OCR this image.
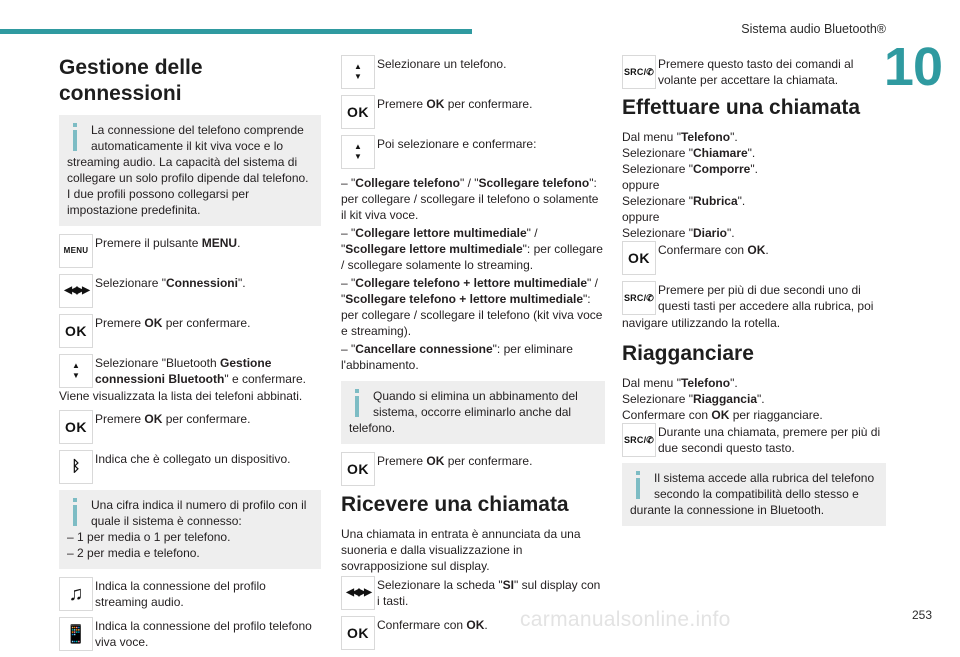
Sistema audio Bluetooth®
10
carmanualsonline.info	253
Gestione delle connessioni

La connessione del telefono comprende automaticamente il kit viva voce e lo streaming audio. La capacità del sistema di collegare un solo profilo dipende dal telefono. I due profili possono collegarsi per impostazione predefinita.

MENU
Premere il pulsante MENU.
◀◀ ▶▶
Selezionare "Connessioni".
OK Premere OK per confermare.
▲
▼
Selezionare "Bluetooth Gestione connessioni Bluetooth" e confermare.
Viene visualizzata la lista dei telefoni abbinati.
OK Premere OK per confermare.
ᛒ	Indica che è collegato un dispositivo.

Una cifra indica il numero di profilo con il quale il sistema è connesso:

– 1 per media o 1 per telefono.

– 2 per media e telefono.

♫ Indica la connessione del profilo streaming audio.
📱 Indica la connessione del profilo telefono viva voce.
▲
▼
Selezionare un telefono.
OK Premere OK per confermare.
▲
▼
Poi selezionare e confermare:
– "Collegare telefono" / "Scollegare telefono": per collegare / scollegare il telefono o solamente il kit viva voce.
– "Collegare lettore multimediale" / "Scollegare lettore multimediale": per collegare / scollegare solamente lo streaming.
– "Collegare telefono + lettore multimediale" / "Scollegare telefono + lettore multimediale": per collegare / scollegare il telefono (kit viva voce e streaming).
– "Cancellare connessione": per eliminare l'abbinamento.

Quando si elimina un abbinamento del sistema, occorre eliminarlo anche dal telefono.

OK Premere OK per confermare.
Ricevere una chiamata
Una chiamata in entrata è annunciata da una suoneria e dalla visualizzazione in sovrapposizione sul display.
◀◀ ▶▶
Selezionare la scheda "SI" sul display con i tasti.
OK Confermare con OK.
SRC/✆
Premere questo tasto dei comandi al volante per accettare la chiamata.
Effettuare una chiamata
Dal menu "Telefono".
Selezionare "Chiamare".
Selezionare "Comporre".
oppure
Selezionare "Rubrica".
oppure
Selezionare "Diario".
OK Confermare con OK.
SRC/✆
Premere per più di due secondi uno di questi tasti per accedere alla rubrica, poi
navigare utilizzando la rotella.
Riagganciare
Dal menu "Telefono".
Selezionare "Riaggancia".
Confermare con OK per riagganciare.
SRC/✆
Durante una chiamata, premere per più di due secondi questo tasto.

Il sistema accede alla rubrica del telefono secondo la compatibilità dello stesso e durante la connessione in Bluetooth.
